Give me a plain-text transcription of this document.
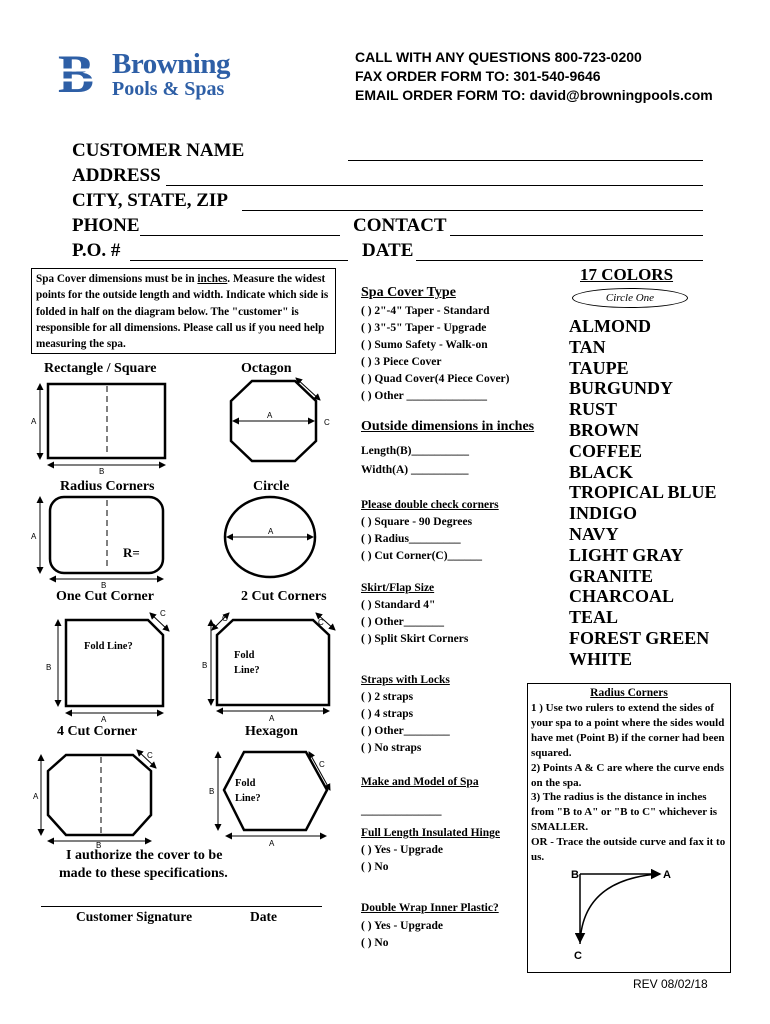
B Browning
Pools & Spas
CALL WITH ANY QUESTIONS 800-723-0200
FAX ORDER FORM TO: 301-540-9646
EMAIL ORDER FORM TO: david@browningpools.com
CUSTOMER NAME
ADDRESS
CITY, STATE, ZIP
PHONE	CONTACT
P.O. #	DATE
Spa Cover dimensions must be in inches. Measure the widest points for the outside length and width. Indicate which side is folded in half on the diagram below. The "customer" is responsible for all dimensions. Please call us if you need help measuring the spa.
Rectangle / Square	Octagon
Radius Corners	Circle
One Cut Corner	2 Cut Corners
4 Cut Corner	Hexagon
A
B
A
C
A
B
A
B
A
C
B
A
C	C
A
B
C
B
A
C
R=
Fold Line?
Fold
Line?
Fold
Line?
I authorize the cover to be
made to these specifications.
Customer Signature	Date
Spa Cover Type
( ) 2"-4" Taper - Standard
( ) 3"-5" Taper - Upgrade
( ) Sumo Safety - Walk-on
( ) 3 Piece Cover
( ) Quad Cover(4 Piece Cover)
( ) Other ______________
Outside dimensions in inches
Length(B)__________
Width(A) __________
Please double check corners
( ) Square - 90 Degrees
( ) Radius_________
( ) Cut Corner(C)______
Skirt/Flap Size
( ) Standard 4"
( ) Other_______
( ) Split Skirt Corners
Straps with Locks
( ) 2 straps
( ) 4 straps
( ) Other________
( ) No straps
Make and Model of Spa
______________
Full Length Insulated Hinge
( ) Yes - Upgrade
( ) No
Double Wrap Inner Plastic?
( ) Yes - Upgrade
( ) No
17 COLORS
Circle One
ALMOND
TAN
TAUPE
BURGUNDY
RUST
BROWN
COFFEE
BLACK
TROPICAL BLUE
INDIGO
NAVY
LIGHT GRAY
GRANITE
CHARCOAL
TEAL
FOREST GREEN
WHITE
Radius Corners
1 ) Use two rulers to extend the sides of your spa to a point where the sides would have met (Point B) if the corner had been squared.
2) Points A & C are where the curve ends on the spa.
3) The radius is the distance in inches from "B to A" or "B to C" whichever is SMALLER.
OR - Trace the outside curve and fax it to us.
B	A
C
REV 08/02/18
